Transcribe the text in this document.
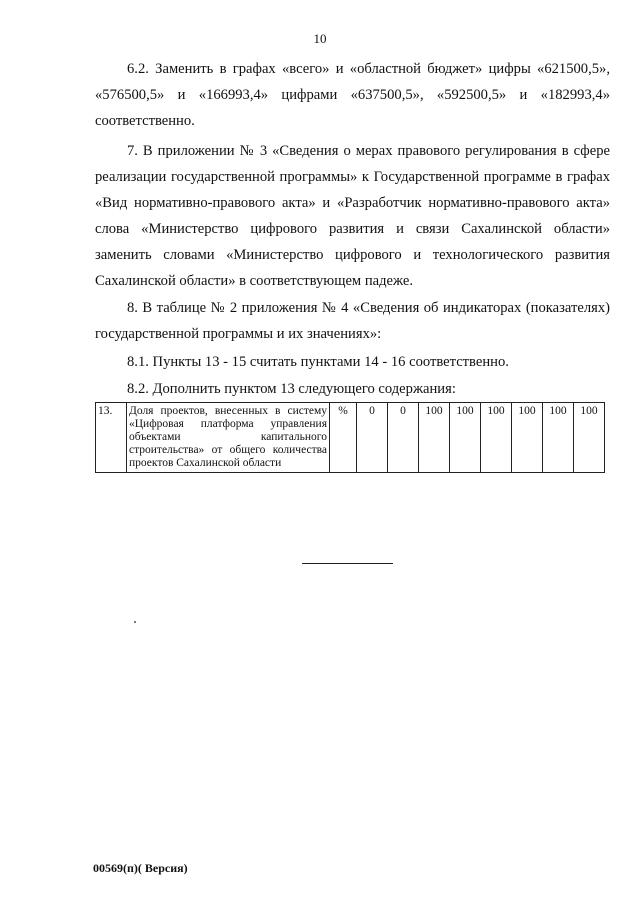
10

6.2. Заменить в графах «всего» и «областной бюджет» цифры «621500,5», «576500,5» и «166993,4» цифрами «637500,5», «592500,5» и «182993,4» соответственно.

7. В приложении № 3 «Сведения о мерах правового регулирования в сфере реализации государственной программы» к Государственной программе в графах «Вид нормативно-правового акта» и «Разработчик нормативно-правового акта» слова «Министерство цифрового развития и связи Сахалинской области» заменить словами «Министерство цифрового и технологического развития Сахалинской области» в соответствующем падеже.

8. В таблице № 2 приложения № 4 «Сведения об индикаторах (показателях) государственной программы и их значениях»:

8.1. Пункты 13 - 15 считать пунктами 14 - 16 соответственно.

8.2. Дополнить пунктом 13 следующего содержания:

13.	Доля проектов, внесенных в систему «Цифровая платформа управления объектами капитального строительства» от общего количества проектов Сахалинской области	%	0	0	100	100	100	100	100	100
00569(п)( Версия)
